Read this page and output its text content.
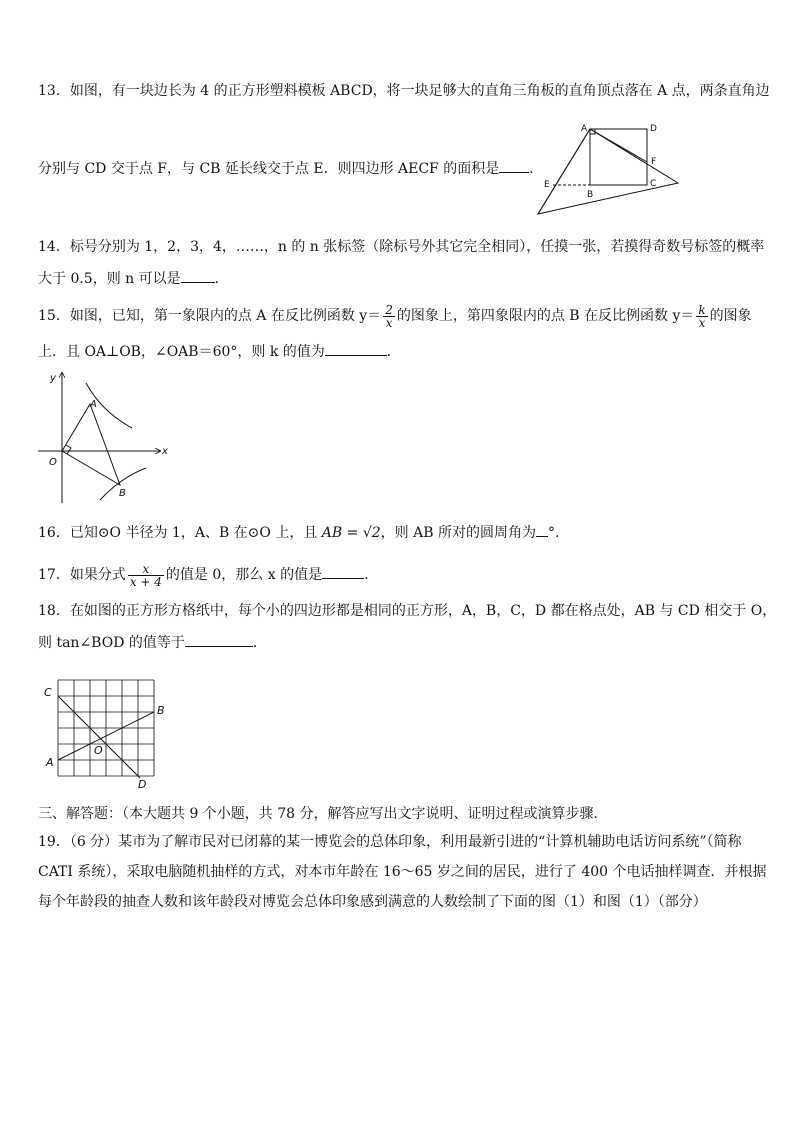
13．如图，有一块边长为 4 的正方形塑料模板 ABCD，将一块足够大的直角三角板的直角顶点落在 A 点，两条直角边
分别与 CD 交于点 F，与 CB 延长线交于点 E．则四边形 AECF 的面积是 ．
A	D
F
E
B
C
14．标号分别为 1，2，3，4，……，n 的 n 张标签（除标号外其它完全相同），任摸一张，若摸得奇数号标签的概率
大于 0.5，则 n 可以是 ．
15．如图，已知，第一象限内的点 A 在反比例函数 $y= \frac{2}{x}$ 的图象上，第四象限内的点 B 在反比例函数 $y= \frac{k}{x}$ 的图象
上．且 OA⊥OB，∠OAB＝60°，则 k 的值为	．
y
x
O
A
B
16．已知⊙O 半径为 1，A、B 在⊙O 上，且 AB = √2，则 AB 所对的圆周角为 °.
17．如果分式 $\frac{x}{x + 4}$ 的值是 0，那么 x 的值是	.
18．在如图的正方形方格纸中，每个小的四边形都是相同的正方形，A，B，C，D 都在格点处，AB 与 CD 相交于 O，
则 tan∠BOD 的值等于	．
C
B
O
A
D
三、解答题：（本大题共 9 个小题，共 78 分，解答应写出文字说明、证明过程或演算步骤．
19．（6 分）某市为了解市民对已闭幕的某一博览会的总体印象，利用最新引进的“计算机辅助电话访问系统”（简称
CATI 系统），采取电脑随机抽样的方式，对本市年龄在 16～65 岁之间的居民，进行了 400 个电话抽样调查．并根据
每个年龄段的抽查人数和该年龄段对博览会总体印象感到满意的人数绘制了下面的图（1）和图（1）（部分）
